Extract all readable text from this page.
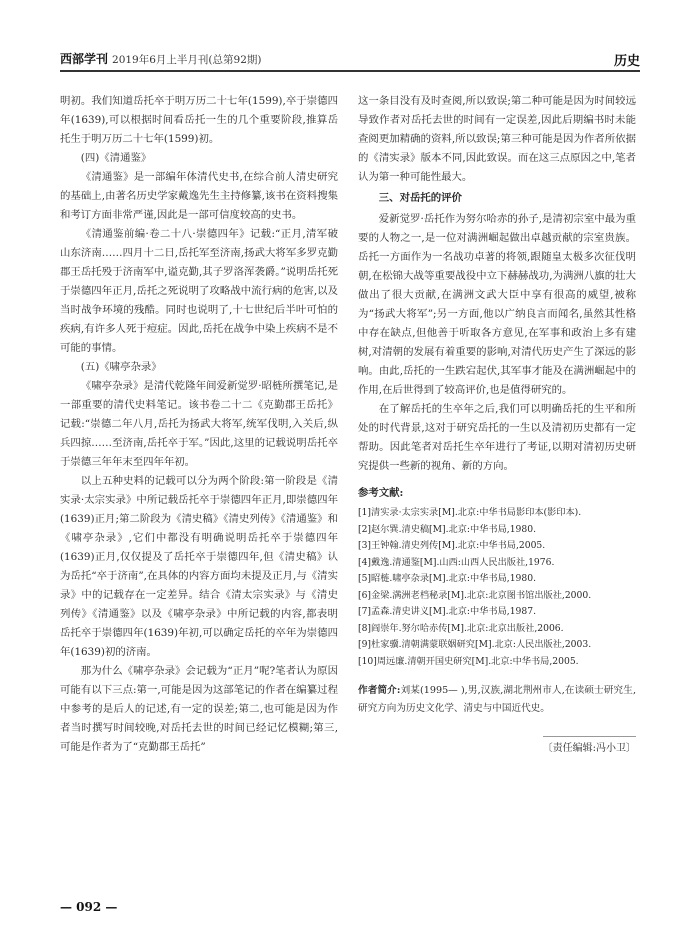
西部学刊 2019年6月上半月刊(总第92期)	历史

明初。我们知道岳托卒于明万历二十七年(1599),卒于崇德四年(1639),可以根据时间看岳托一生的几个重要阶段,推算岳托生于明万历二十七年(1599)初。

(四)《清通鉴》

《清通鉴》是一部编年体清代史书,在综合前人清史研究的基础上,由著名历史学家戴逸先生主持修纂,该书在资料搜集和考订方面非常严谨,因此是一部可信度较高的史书。

《清通鉴前编·卷二十八·崇德四年》记载:“正月,清军破山东济南……四月十二日,岳托军至济南,扬武大将军多罗克勤郡王岳托殁于济南军中,谥克勤,其子罗洛浑袭爵。”说明岳托死于崇德四年正月,岳托之死说明了攻略战中流行病的危害,以及当时战争环境的残酷。同时也说明了,十七世纪后半叶可怕的疾病,有许多人死于痘症。因此,岳托在战争中染上疾病不是不可能的事情。

(五)《啸亭杂录》

《啸亭杂录》是清代乾隆年间爱新觉罗·昭梿所撰笔记,是一部重要的清代史料笔记。该书卷二十二《克勤郡王岳托》记载:“崇德二年八月,岳托为扬武大将军,统军伐明,入关后,纵兵四掠……至济南,岳托卒于军。”因此,这里的记载说明岳托卒于崇德三年年末至四年年初。

以上五种史料的记载可以分为两个阶段:第一阶段是《清实录·太宗实录》中所记载岳托卒于崇德四年正月,即崇德四年(1639)正月;第二阶段为《清史稿》《清史列传》《清通鉴》和《啸亭杂录》,它们中都没有明确说明岳托卒于崇德四年(1639)正月,仅仅提及了岳托卒于崇德四年,但《清史稿》认为岳托“卒于济南”,在具体的内容方面均未提及正月,与《清实录》中的记载存在一定差异。结合《清太宗实录》与《清史列传》《清通鉴》以及《啸亭杂录》中所记载的内容,都表明岳托卒于崇德四年(1639)年初,可以确定岳托的卒年为崇德四年(1639)初的济南。

那为什么《啸亭杂录》会记载为“正月”呢?笔者认为原因可能有以下三点:第一,可能是因为这部笔记的作者在编纂过程中参考的是后人的记述,有一定的误差;第二,也可能是因为作者当时撰写时间较晚,对岳托去世的时间已经记忆模糊;第三,可能是作者为了“克勤郡王岳托”

这一条目没有及时查阅,所以致误;第二种可能是因为时间较远导致作者对岳托去世的时间有一定误差,因此后期编书时未能查阅更加精确的资料,所以致误;第三种可能是因为作者所依据的《清实录》版本不同,因此致误。而在这三点原因之中,笔者认为第一种可能性最大。

三、对岳托的评价

爱新觉罗·岳托作为努尔哈赤的孙子,是清初宗室中最为重要的人物之一,是一位对满洲崛起做出卓越贡献的宗室贵族。岳托一方面作为一名战功卓著的将领,跟随皇太极多次征伐明朝,在松锦大战等重要战役中立下赫赫战功,为满洲八旗的壮大做出了很大贡献,在满洲文武大臣中享有很高的威望,被称为“扬武大将军”;另一方面,他以广纳良言而闻名,虽然其性格中存在缺点,但他善于听取各方意见,在军事和政治上多有建树,对清朝的发展有着重要的影响,对清代历史产生了深远的影响。由此,岳托的一生跌宕起伏,其军事才能及在满洲崛起中的作用,在后世得到了较高评价,也是值得研究的。

在了解岳托的生卒年之后,我们可以明确岳托的生平和所处的时代背景,这对于研究岳托的一生以及清初历史都有一定帮助。因此笔者对岳托生卒年进行了考证,以期对清初历史研究提供一些新的视角、新的方向。

参考文献:
[1]清实录·太宗实录[M].北京:中华书局影印本(影印本).
[2]赵尔巽.清史稿[M].北京:中华书局,1980.
[3]王钟翰.清史列传[M].北京:中华书局,2005.
[4]戴逸.清通鉴[M].山西:山西人民出版社,1976.
[5]昭梿.啸亭杂录[M].北京:中华书局,1980.
[6]金梁.满洲老档秘录[M].北京:北京图书馆出版社,2000.
[7]孟森.清史讲义[M].北京:中华书局,1987.
[8]阎崇年.努尔哈赤传[M].北京:北京出版社,2006.
[9]杜家骥.清朝满蒙联姻研究[M].北京:人民出版社,2003.
[10]周远廉.清朝开国史研究[M].北京:中华书局,2005.
作者简介:刘某(1995— ),男,汉族,湖北荆州市人,在读硕士研究生,研究方向为历史文化学、清史与中国近代史。
〔责任编辑:冯小卫〕
— 092 —
